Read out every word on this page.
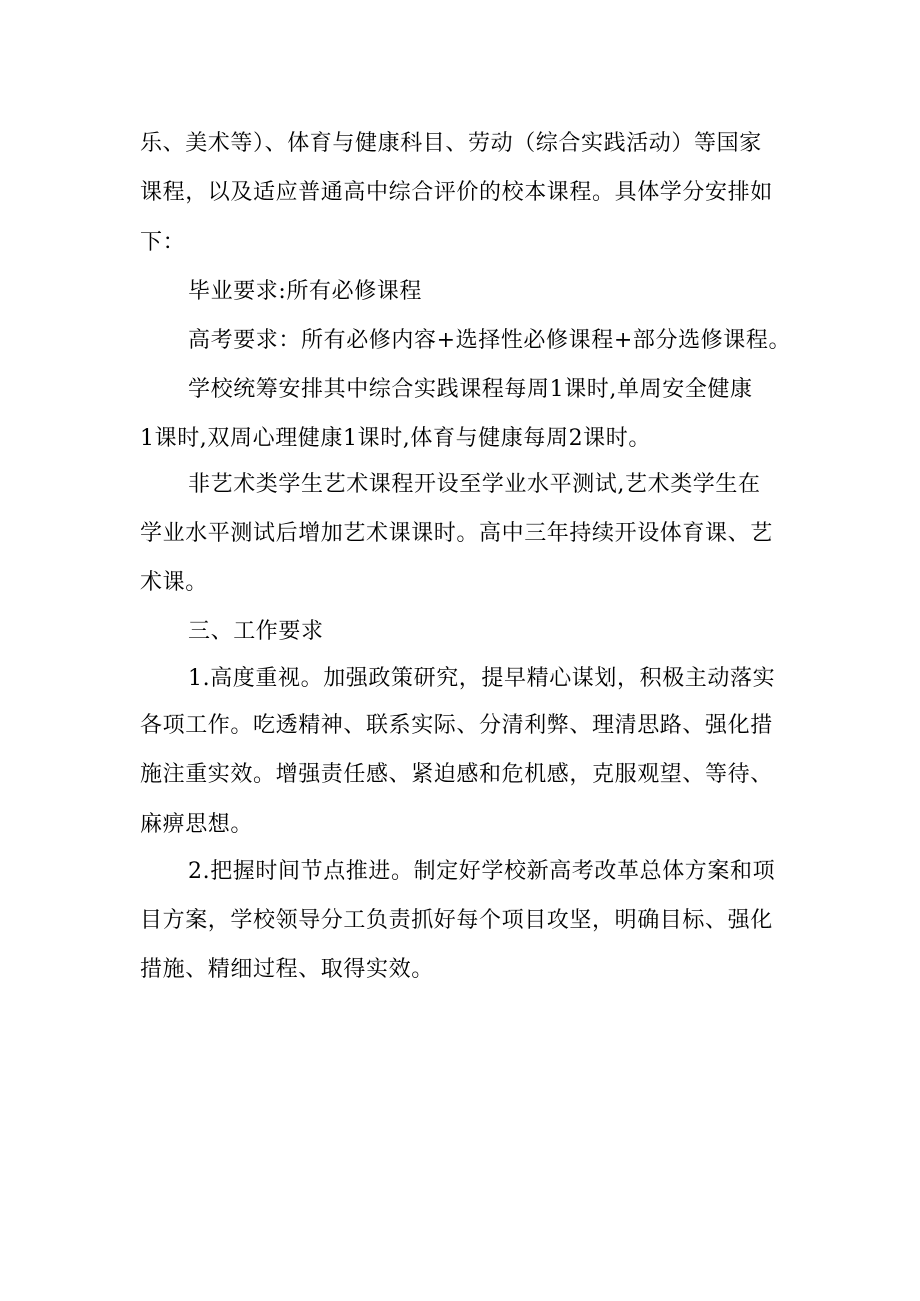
乐、美术等）、体育与健康科目、劳动（综合实践活动）等国家

课程，以及适应普通高中综合评价的校本课程。具体学分安排如

下：

毕业要求:所有必修课程

高考要求：所有必修内容+选择性必修课程+部分选修课程。

学校统筹安排其中综合实践课程每周1课时,单周安全健康

1课时,双周心理健康1课时,体育与健康每周2课时。

非艺术类学生艺术课程开设至学业水平测试,艺术类学生在

学业水平测试后增加艺术课课时。高中三年持续开设体育课、艺

术课。

三、工作要求

1.高度重视。加强政策研究，提早精心谋划，积极主动落实

各项工作。吃透精神、联系实际、分清利弊、理清思路、强化措

施注重实效。增强责任感、紧迫感和危机感，克服观望、等待、

麻痹思想。

2.把握时间节点推进。制定好学校新高考改革总体方案和项

目方案，学校领导分工负责抓好每个项目攻坚，明确目标、强化

措施、精细过程、取得实效。
